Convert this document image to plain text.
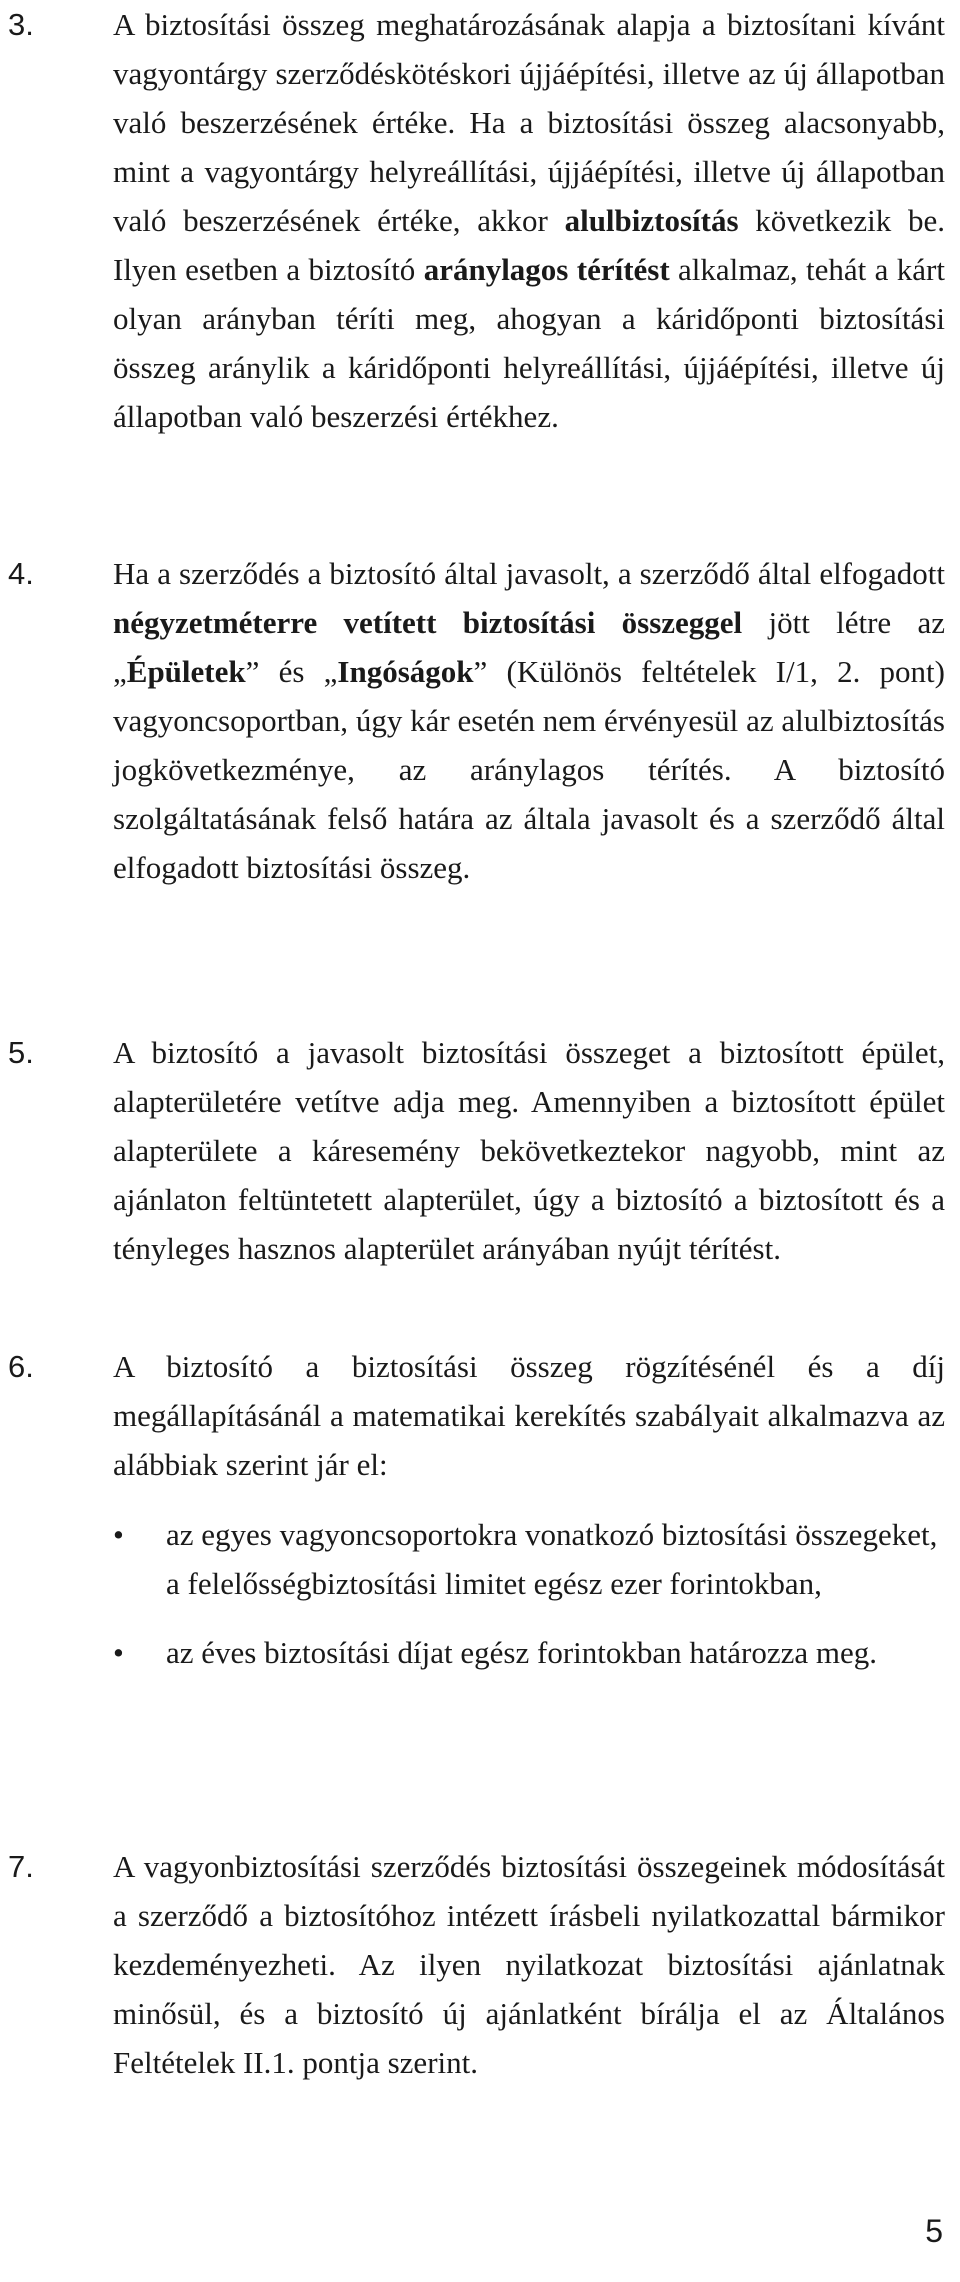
3.	A biztosítási összeg meghatározásának alapja a biztosítani kívánt vagyontárgy szerződéskötéskori újjáépítési, illetve az új állapotban való beszerzésének értéke. Ha a biztosítási összeg alacsonyabb, mint a vagyontárgy helyreállítási, újjáépítési, illetve új állapotban való beszerzésének értéke, akkor alulbiztosítás következik be. Ilyen esetben a biztosító aránylagos térítést alkalmaz, tehát a kárt olyan arányban téríti meg, ahogyan a káridőponti biztosítási összeg aránylik a káridőponti helyreállítási, újjáépítési, illetve új állapotban való beszerzési értékhez.
4.	Ha a szerződés a biztosító által javasolt, a szerződő által elfogadott négyzetméterre vetített biztosítási összeggel jött létre az „Épületek” és „Ingóságok” (Különös feltételek I/1, 2. pont) vagyoncsoportban, úgy kár esetén nem érvényesül az alulbiztosítás jogkövetkezménye, az aránylagos térítés. A biztosító szolgáltatásának felső határa az általa javasolt és a szerződő által elfogadott biztosítási összeg.
5.	A biztosító a javasolt biztosítási összeget a biztosított épület, alapterületére vetítve adja meg. Amennyiben a biztosított épület alapterülete a káresemény bekövetkeztekor nagyobb, mint az ajánlaton feltüntetett alapterület, úgy a biztosító a biztosított és a tényleges hasznos alapterület arányában nyújt térítést.
6.	A biztosító a biztosítási összeg rögzítésénél és a díj megállapításánál a matematikai kerekítés szabályait alkalmazva az alábbiak szerint jár el:
• az egyes vagyoncsoportokra vonatkozó biztosítási összegeket, a felelősségbiztosítási limitet egész ezer forintokban,
• az éves biztosítási díjat egész forintokban határozza meg.
7.	A vagyonbiztosítási szerződés biztosítási összegeinek módosítását a szerződő a biztosítóhoz intézett írásbeli nyilatkozattal bármikor kezdeményezheti. Az ilyen nyilatkozat biztosítási ajánlatnak minősül, és a biztosító új ajánlatként bírálja el az Általános Feltételek II.1. pontja szerint.
5
